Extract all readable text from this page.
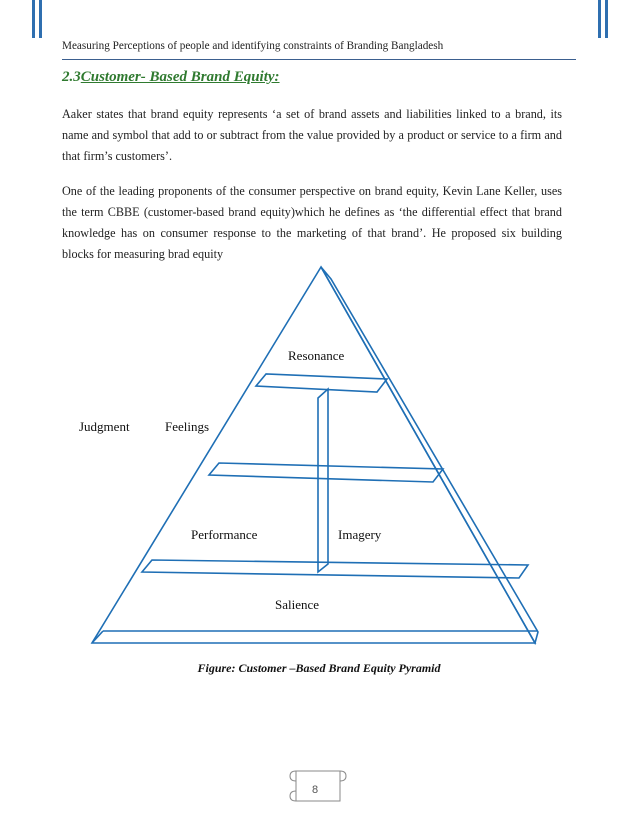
Measuring Perceptions of people and identifying constraints of Branding Bangladesh
2.3Customer- Based Brand Equity:
Aaker states that brand equity represents ‘a set of brand assets and liabilities linked to a brand, its name and symbol that add to or subtract from the value provided by a product or service to a firm and that firm’s customers’.
One of the leading proponents of the consumer perspective on brand equity, Kevin Lane Keller, uses the term CBBE (customer-based brand equity)which he defines as ‘the differential effect that brand knowledge has on consumer response to the marketing of that brand’. He proposed six building blocks for measuring brad equity
Resonance
Judgment	Feelings
Performance	Imagery
Salience
Figure: Customer –Based Brand Equity Pyramid
8
